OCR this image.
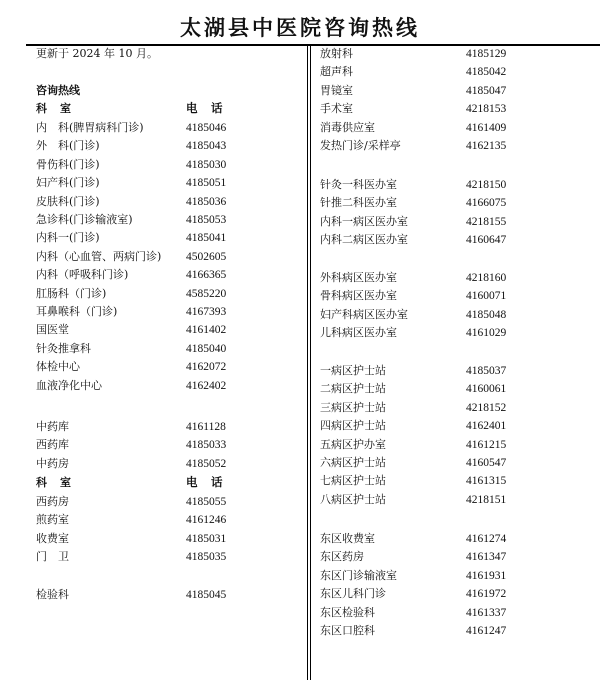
太湖县中医院咨询热线
更新于 2024 年 10 月。
咨询热线
科　室	电　话
内　科(脾胃病科门诊)	4185046
外　科(门诊)	4185043
骨伤科(门诊)	4185030
妇产科(门诊)	4185051
皮肤科(门诊)	4185036
急诊科(门诊输液室)	4185053
内科一(门诊)	4185041
内科（心血管、两病门诊) 4502605
内科（呼吸科门诊)	4166365
肛肠科（门诊)	4585220
耳鼻喉科（门诊)	4167393
国医堂	4161402
针灸推拿科	4185040
体检中心	4162072
血液净化中心	4162402
中药库	4161128
西药库	4185033
中药房	4185052
科　室	电　话
西药房	4185055
煎药室	4161246
收费室	4185031
门　卫	4185035
检验科	4185045
放射科	4185129
超声科	4185042
胃镜室	4185047
手术室	4218153
消毒供应室	4161409
发热门诊/采样亭	4162135
针灸一科医办室	4218150
针推二科医办室	4166075
内科一病区医办室	4218155
内科二病区医办室	4160647
外科病区医办室	4218160
骨科病区医办室	4160071
妇产科病区医办室	4185048
儿科病区医办室	4161029
一病区护士站	4185037
二病区护士站	4160061
三病区护士站	4218152
四病区护士站	4162401
五病区护办室	4161215
六病区护士站	4160547
七病区护士站	4161315
八病区护士站	4218151
东区收费室	4161274
东区药房	4161347
东区门诊输液室	4161931
东区儿科门诊	4161972
东区检验科	4161337
东区口腔科	4161247
